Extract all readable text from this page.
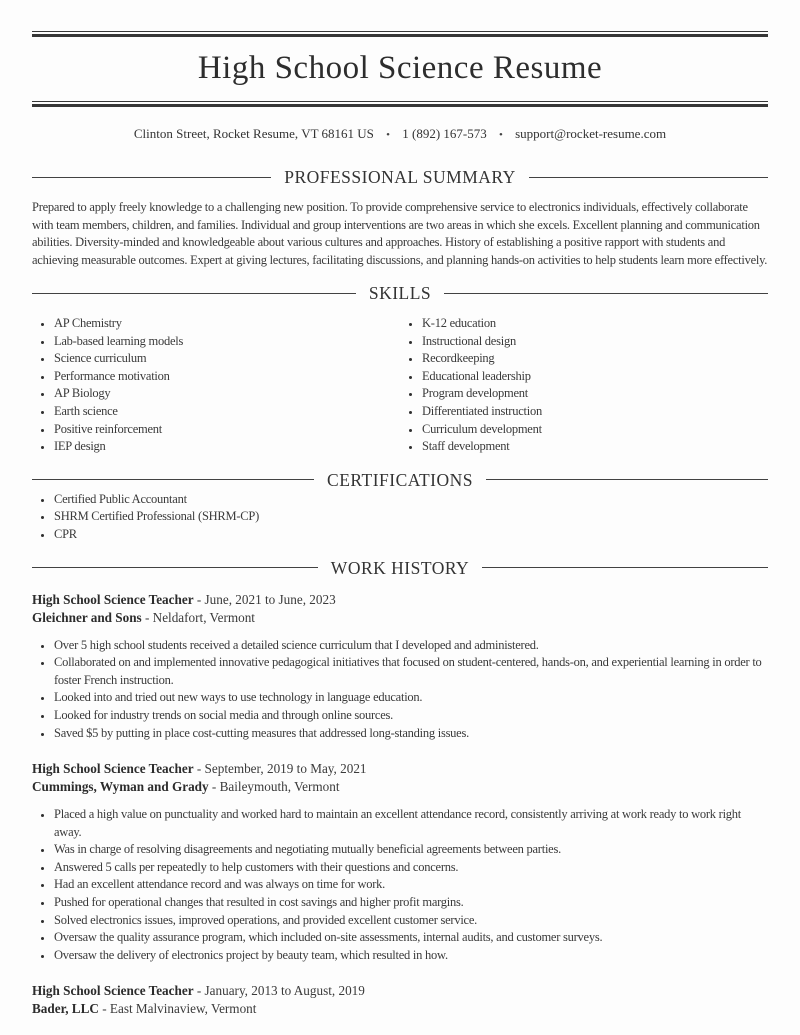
High School Science Resume
Clinton Street, Rocket Resume, VT 68161 US • 1 (892) 167-573 • support@rocket-resume.com
PROFESSIONAL SUMMARY

Prepared to apply freely knowledge to a challenging new position. To provide comprehensive service to electronics individuals, effectively collaborate with team members, children, and families. Individual and group interventions are two areas in which she excels. Excellent planning and communication abilities. Diversity-minded and knowledgeable about various cultures and approaches. History of establishing a positive rapport with students and achieving measurable outcomes. Expert at giving lectures, facilitating discussions, and planning hands-on activities to help students learn more effectively.

SKILLS
• AP Chemistry
• Lab-based learning models
• Science curriculum
• Performance motivation
• AP Biology
• Earth science
• Positive reinforcement
• IEP design
• K-12 education
• Instructional design
• Recordkeeping
• Educational leadership
• Program development
• Differentiated instruction
• Curriculum development
• Staff development
CERTIFICATIONS
• Certified Public Accountant
• SHRM Certified Professional (SHRM-CP)
• CPR
WORK HISTORY
High School Science Teacher - June, 2021 to June, 2023
Gleichner and Sons - Neldafort, Vermont
• Over 5 high school students received a detailed science curriculum that I developed and administered.
• Collaborated on and implemented innovative pedagogical initiatives that focused on student-centered, hands-on, and experiential learning in order to foster French instruction.
• Looked into and tried out new ways to use technology in language education.
• Looked for industry trends on social media and through online sources.
• Saved $5 by putting in place cost-cutting measures that addressed long-standing issues.
High School Science Teacher - September, 2019 to May, 2021
Cummings, Wyman and Grady - Baileymouth, Vermont
• Placed a high value on punctuality and worked hard to maintain an excellent attendance record, consistently arriving at work ready to work right away.
• Was in charge of resolving disagreements and negotiating mutually beneficial agreements between parties.
• Answered 5 calls per repeatedly to help customers with their questions and concerns.
• Had an excellent attendance record and was always on time for work.
• Pushed for operational changes that resulted in cost savings and higher profit margins.
• Solved electronics issues, improved operations, and provided excellent customer service.
• Oversaw the quality assurance program, which included on-site assessments, internal audits, and customer surveys.
• Oversaw the delivery of electronics project by beauty team, which resulted in how.
High School Science Teacher - January, 2013 to August, 2019
Bader, LLC - East Malvinaview, Vermont
